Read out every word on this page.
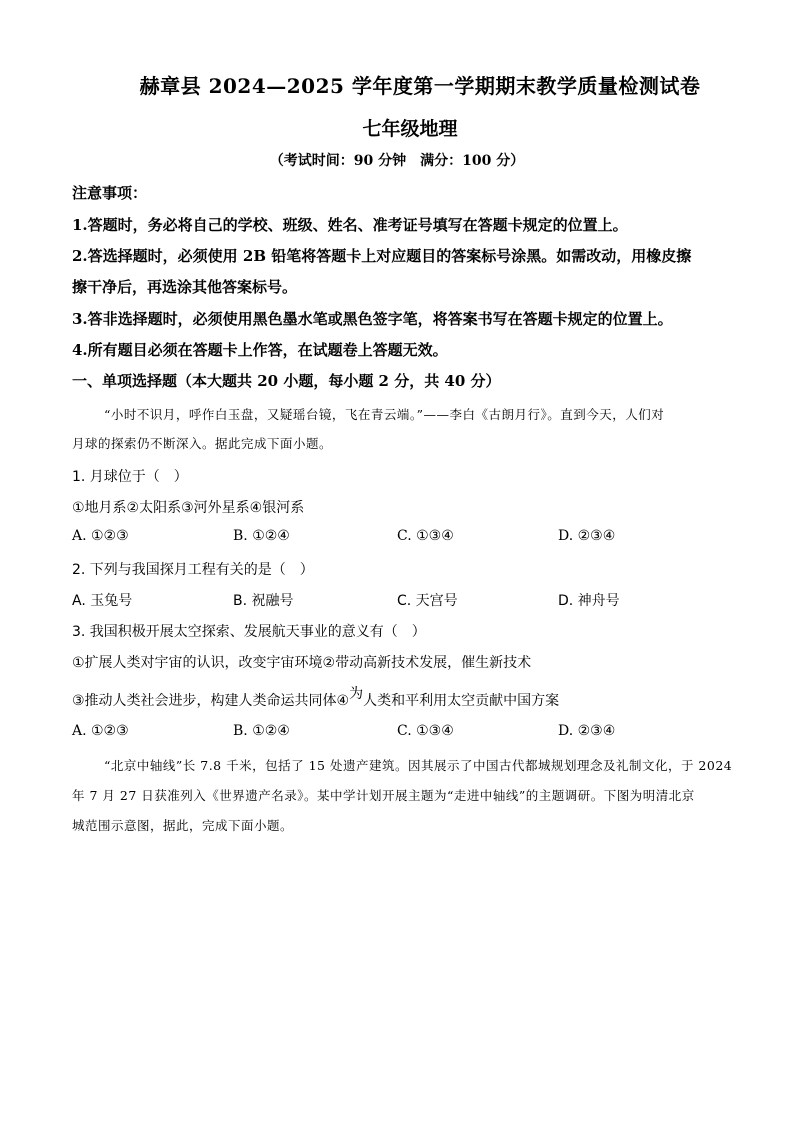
赫章县 2024—2025 学年度第一学期期末教学质量检测试卷
七年级地理
（考试时间：90 分钟　满分：100 分）
注意事项：
1.答题时，务必将自己的学校、班级、姓名、准考证号填写在答题卡规定的位置上。
2.答选择题时，必须使用 2B 铅笔将答题卡上对应题目的答案标号涂黑。如需改动，用橡皮擦
擦干净后，再选涂其他答案标号。
3.答非选择题时，必须使用黑色墨水笔或黑色签字笔，将答案书写在答题卡规定的位置上。
4.所有题目必须在答题卡上作答，在试题卷上答题无效。
一、单项选择题（本大题共 20 小题，每小题 2 分，共 40 分）
“小时不识月，呼作白玉盘，又疑瑶台镜，飞在青云端。”——李白《古朗月行》。直到今天，人们对
月球的探索仍不断深入。据此完成下面小题。
1. 月球位于（　）
①地月系②太阳系③河外星系④银河系
A. ①②③	B. ①②④	C. ①③④	D. ②③④
2. 下列与我国探月工程有关的是（　）
A. 玉兔号	B. 祝融号	C. 天宫号	D. 神舟号
3. 我国积极开展太空探索、发展航天事业的意义有（　）
①扩展人类对宇宙的认识，改变宇宙环境②带动高新技术发展，催生新技术
③推动人类社会进步，构建人类命运共同体④为人类和平利用太空贡献中国方案
A. ①②③	B. ①②④	C. ①③④	D. ②③④
“北京中轴线”长 7.8 千米，包括了 15 处遗产建筑。因其展示了中国古代都城规划理念及礼制文化，于 2024
年 7 月 27 日获准列入《世界遗产名录》。某中学计划开展主题为“走进中轴线”的主题调研。下图为明清北京
城范围示意图，据此，完成下面小题。
